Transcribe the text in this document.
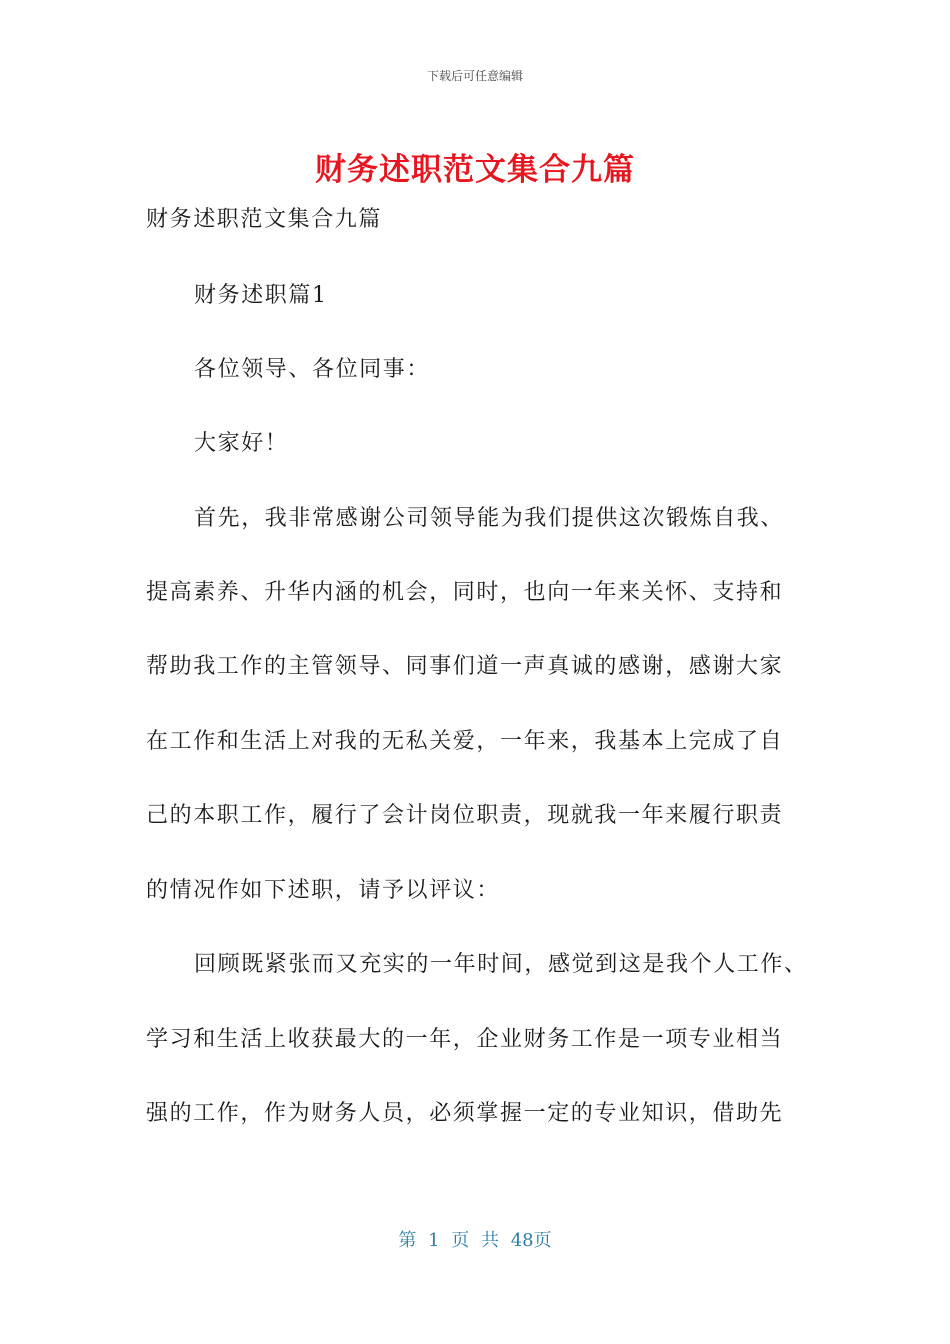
下载后可任意编辑
财务述职范文集合九篇
财务述职范文集合九篇
财务述职篇1
各位领导、各位同事：
大家好！
首先，我非常感谢公司领导能为我们提供这次锻炼自我、
提高素养、升华内涵的机会，同时，也向一年来关怀、支持和
帮助我工作的主管领导、同事们道一声真诚的感谢，感谢大家
在工作和生活上对我的无私关爱，一年来，我基本上完成了自
己的本职工作，履行了会计岗位职责，现就我一年来履行职责
的情况作如下述职，请予以评议：
回顾既紧张而又充实的一年时间，感觉到这是我个人工作、
学习和生活上收获最大的一年，企业财务工作是一项专业相当
强的工作，作为财务人员，必须掌握一定的专业知识，借助先
第 1 页 共 48页
